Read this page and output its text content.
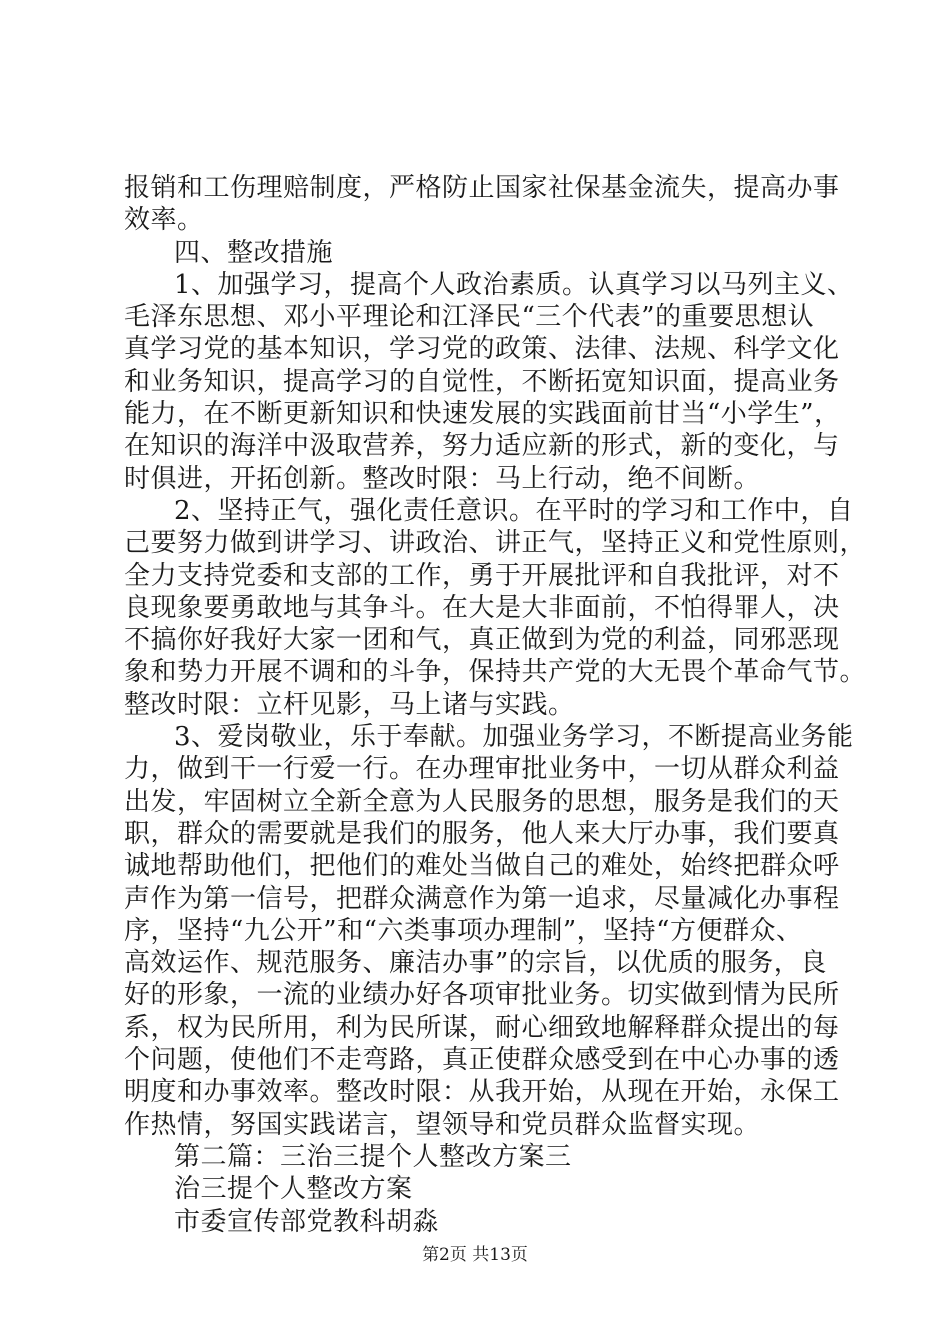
报销和工伤理赔制度，严格防止国家社保基金流失，提高办事
效率。
四、整改措施
1、加强学习，提高个人政治素质。认真学习以马列主义、
毛泽东思想、邓小平理论和江泽民“三个代表”的重要思想认
真学习党的基本知识，学习党的政策、法律、法规、科学文化
和业务知识，提高学习的自觉性，不断拓宽知识面，提高业务
能力，在不断更新知识和快速发展的实践面前甘当“小学生”，
在知识的海洋中汲取营养，努力适应新的形式，新的变化，与
时俱进，开拓创新。整改时限：马上行动，绝不间断。
2、坚持正气，强化责任意识。在平时的学习和工作中，自
己要努力做到讲学习、讲政治、讲正气，坚持正义和党性原则，
全力支持党委和支部的工作，勇于开展批评和自我批评，对不
良现象要勇敢地与其争斗。在大是大非面前，不怕得罪人，决
不搞你好我好大家一团和气，真正做到为党的利益，同邪恶现
象和势力开展不调和的斗争，保持共产党的大无畏个革命气节。
整改时限：立杆见影，马上诸与实践。
3、爱岗敬业，乐于奉献。加强业务学习，不断提高业务能
力，做到干一行爱一行。在办理审批业务中，一切从群众利益
出发，牢固树立全新全意为人民服务的思想，服务是我们的天
职，群众的需要就是我们的服务，他人来大厅办事，我们要真
诚地帮助他们，把他们的难处当做自己的难处，始终把群众呼
声作为第一信号，把群众满意作为第一追求，尽量减化办事程
序，坚持“九公开”和“六类事项办理制”，坚持“方便群众、
高效运作、规范服务、廉洁办事”的宗旨，以优质的服务，良
好的形象，一流的业绩办好各项审批业务。切实做到情为民所
系，权为民所用，利为民所谋，耐心细致地解释群众提出的每
个问题，使他们不走弯路，真正使群众感受到在中心办事的透
明度和办事效率。整改时限：从我开始，从现在开始，永保工
作热情，努国实践诺言，望领导和党员群众监督实现。
第二篇：三治三提个人整改方案三
治三提个人整改方案
市委宣传部党教科胡淼
第2页 共13页
